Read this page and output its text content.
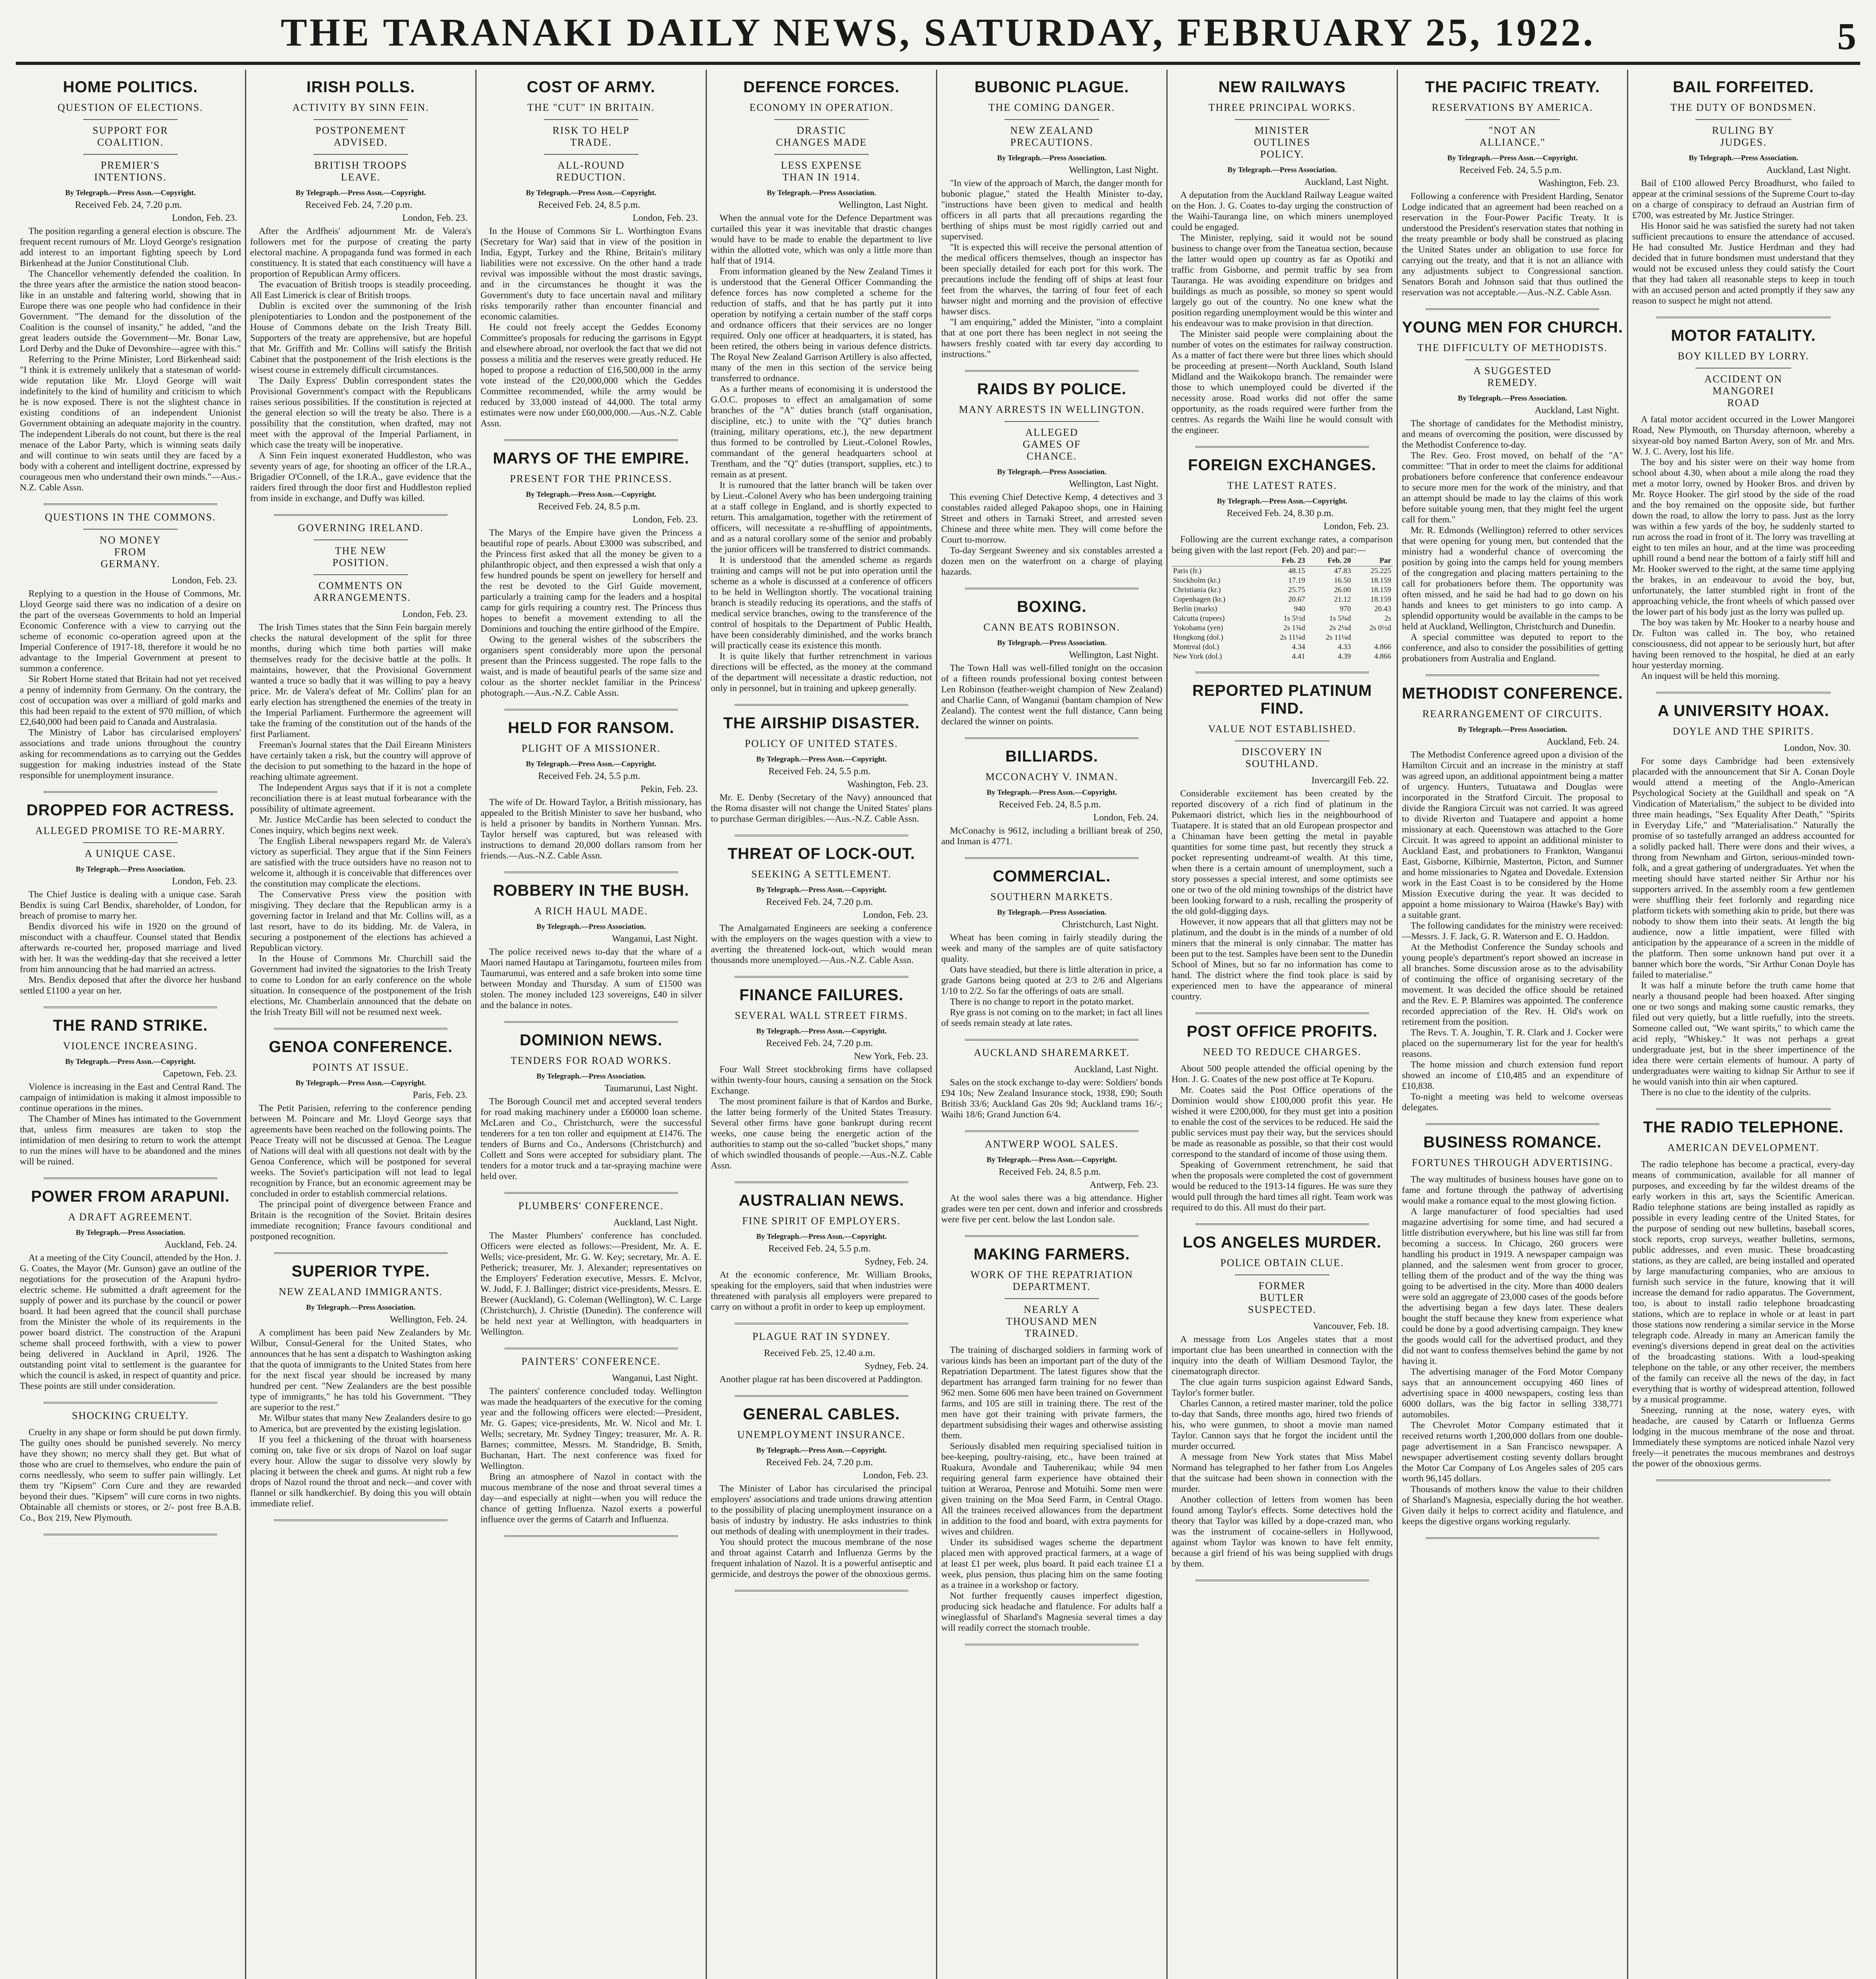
THE TARANAKI DAILY NEWS, SATURDAY, FEBRUARY 25, 1922.	5
HOME POLITICS.
QUESTION OF ELECTIONS.
SUPPORT FOR COALITION.
PREMIER'S INTENTIONS.
By Telegraph.—Press Assn.—Copyright.
Received Feb. 24, 7.20 p.m.
London, Feb. 23.

The position regarding a general election is obscure. The frequent recent rumours of Mr. Lloyd George's resignation add interest to an important fighting speech by Lord Birkenhead at the Junior Constitutional Club.

The Chancellor vehemently defended the coalition. In the three years after the armistice the nation stood beacon-like in an unstable and faltering world, showing that in Europe there was one people who had confidence in their Government. "The demand for the dissolution of the Coalition is the counsel of insanity," he added, "and the great leaders outside the Government—Mr. Bonar Law, Lord Derby and the Duke of Devonshire—agree with this."

Referring to the Prime Minister, Lord Birkenhead said: "I think it is extremely unlikely that a statesman of world-wide reputation like Mr. Lloyd George will wait indefinitely to the kind of humility and criticism to which he is now exposed. There is not the slightest chance in existing conditions of an independent Unionist Government obtaining an adequate majority in the country. The independent Liberals do not count, but there is the real menace of the Labor Party, which is winning seats daily and will continue to win seats until they are faced by a body with a coherent and intelligent doctrine, expressed by courageous men who understand their own minds."—Aus.-N.Z. Cable Assn.

QUESTIONS IN THE COMMONS.
NO MONEY FROM GERMANY.
London, Feb. 23.

Replying to a question in the House of Commons, Mr. Lloyd George said there was no indication of a desire on the part of the overseas Governments to hold an Imperial Economic Conference with a view to carrying out the scheme of economic co-operation agreed upon at the Imperial Conference of 1917-18, therefore it would be no advantage to the Imperial Government at present to summon a conference.

Sir Robert Horne stated that Britain had not yet received a penny of indemnity from Germany. On the contrary, the cost of occupation was over a milliard of gold marks and this had been repaid to the extent of 970 million, of which £2,640,000 had been paid to Canada and Australasia.

The Ministry of Labor has circularised employers' associations and trade unions throughout the country asking for recommendations as to carrying out the Geddes suggestion for making industries instead of the State responsible for unemployment insurance.

DROPPED FOR ACTRESS.
ALLEGED PROMISE TO RE-MARRY.
A UNIQUE CASE.
By Telegraph.—Press Association.
London, Feb. 23.

The Chief Justice is dealing with a unique case. Sarah Bendix is suing Carl Bendix, shareholder, of London, for breach of promise to marry her.

Bendix divorced his wife in 1920 on the ground of misconduct with a chauffeur. Counsel stated that Bendix afterwards re-courted her, proposed marriage and lived with her. It was the wedding-day that she received a letter from him announcing that he had married an actress.

Mrs. Bendix deposed that after the divorce her husband settled £1100 a year on her.

THE RAND STRIKE.
VIOLENCE INCREASING.
By Telegraph.—Press Assn.—Copyright.
Capetown, Feb. 23.

Violence is increasing in the East and Central Rand. The campaign of intimidation is making it almost impossible to continue operations in the mines.

The Chamber of Mines has intimated to the Government that, unless firm measures are taken to stop the intimidation of men desiring to return to work the attempt to run the mines will have to be abandoned and the mines will be ruined.

POWER FROM ARAPUNI.
A DRAFT AGREEMENT.
By Telegraph.—Press Association.
Auckland, Feb. 24.

At a meeting of the City Council, attended by the Hon. J. G. Coates, the Mayor (Mr. Gunson) gave an outline of the negotiations for the prosecution of the Arapuni hydro-electric scheme. He submitted a draft agreement for the supply of power and its purchase by the council or power board. It had been agreed that the council shall purchase from the Minister the whole of its requirements in the power board district. The construction of the Arapuni scheme shall proceed forthwith, with a view to power being delivered in Auckland in April, 1926. The outstanding point vital to settlement is the guarantee for which the council is asked, in respect of quantity and price. These points are still under consideration.

SHOCKING CRUELTY.

Cruelty in any shape or form should be put down firmly. The guilty ones should be punished severely. No mercy have they shown; no mercy shall they get. But what of those who are cruel to themselves, who endure the pain of corns needlessly, who seem to suffer pain willingly. Let them try "Kipsem" Corn Cure and they are rewarded beyond their dues. "Kipsem" will cure corns in two nights. Obtainable all chemists or stores, or 2/- post free B.A.B. Co., Box 219, New Plymouth.

IRISH POLLS.
ACTIVITY BY SINN FEIN.
POSTPONEMENT ADVISED.
BRITISH TROOPS LEAVE.
By Telegraph.—Press Assn.—Copyright.
Received Feb. 24, 7.20 p.m.
London, Feb. 23.

After the Ardfheis' adjournment Mr. de Valera's followers met for the purpose of creating the party electoral machine. A propaganda fund was formed in each constituency. It is stated that each constituency will have a proportion of Republican Army officers.

The evacuation of British troops is steadily proceeding. All East Limerick is clear of British troops.

Dublin is excited over the summoning of the Irish plenipotentiaries to London and the postponement of the House of Commons debate on the Irish Treaty Bill. Supporters of the treaty are apprehensive, but are hopeful that Mr. Griffith and Mr. Collins will satisfy the British Cabinet that the postponement of the Irish elections is the wisest course in extremely difficult circumstances.

The Daily Express' Dublin correspondent states the Provisional Government's compact with the Republicans raises serious possibilities. If the constitution is rejected at the general election so will the treaty be also. There is a possibility that the constitution, when drafted, may not meet with the approval of the Imperial Parliament, in which case the treaty will be inoperative.

A Sinn Fein inquest exonerated Huddleston, who was seventy years of age, for shooting an officer of the I.R.A., Brigadier O'Connell, of the I.R.A., gave evidence that the raiders fired through the door first and Huddleston replied from inside in exchange, and Duffy was killed.

GOVERNING IRELAND.
THE NEW POSITION.
COMMENTS ON ARRANGEMENTS.
London, Feb. 23.

The Irish Times states that the Sinn Fein bargain merely checks the natural development of the split for three months, during which time both parties will make themselves ready for the decisive battle at the polls. It maintains, however, that the Provisional Government wanted a truce so badly that it was willing to pay a heavy price. Mr. de Valera's defeat of Mr. Collins' plan for an early election has strengthened the enemies of the treaty in the Imperial Parliament. Furthermore the agreement will take the framing of the constitution out of the hands of the first Parliament.

Freeman's Journal states that the Dail Eireann Ministers have certainly taken a risk, but the country will approve of the decision to put something to the hazard in the hope of reaching ultimate agreement.

The Independent Argus says that if it is not a complete reconciliation there is at least mutual forbearance with the possibility of ultimate agreement.

Mr. Justice McCardie has been selected to conduct the Cones inquiry, which begins next week.

The English Liberal newspapers regard Mr. de Valera's victory as superficial. They argue that if the Sinn Feiners are satisfied with the truce outsiders have no reason not to welcome it, although it is conceivable that differences over the constitution may complicate the elections.

The Conservative Press view the position with misgiving. They declare that the Republican army is a governing factor in Ireland and that Mr. Collins will, as a last resort, have to do its bidding. Mr. de Valera, in securing a postponement of the elections has achieved a Republican victory.

In the House of Commons Mr. Churchill said the Government had invited the signatories to the Irish Treaty to come to London for an early conference on the whole situation. In consequence of the postponement of the Irish elections, Mr. Chamberlain announced that the debate on the Irish Treaty Bill will not be resumed next week.

GENOA CONFERENCE.
POINTS AT ISSUE.
By Telegraph.—Press Assn.—Copyright.
Paris, Feb. 23.

The Petit Parisien, referring to the conference pending between M. Poincare and Mr. Lloyd George says that agreements have been reached on the following points. The Peace Treaty will not be discussed at Genoa. The League of Nations will deal with all questions not dealt with by the Genoa Conference, which will be postponed for several weeks. The Soviet's participation will not lead to legal recognition by France, but an economic agreement may be concluded in order to establish commercial relations.

The principal point of divergence between France and Britain is the recognition of the Soviet. Britain desires immediate recognition; France favours conditional and postponed recognition.

SUPERIOR TYPE.
NEW ZEALAND IMMIGRANTS.
By Telegraph.—Press Association.
Wellington, Feb. 24.

A compliment has been paid New Zealanders by Mr. Wilbur, Consul-General for the United States, who announces that he has sent a dispatch to Washington asking that the quota of immigrants to the United States from here for the next fiscal year should be increased by many hundred per cent. "New Zealanders are the best possible type of immigrants," he has told his Government. "They are superior to the rest."

Mr. Wilbur states that many New Zealanders desire to go to America, but are prevented by the existing legislation.

If you feel a thickening of the throat with hoarseness coming on, take five or six drops of Nazol on loaf sugar every hour. Allow the sugar to dissolve very slowly by placing it between the cheek and gums. At night rub a few drops of Nazol round the throat and neck—and cover with flannel or silk handkerchief. By doing this you will obtain immediate relief.

COST OF ARMY.
THE "CUT" IN BRITAIN.
RISK TO HELP TRADE.
ALL-ROUND REDUCTION.
By Telegraph.—Press Assn.—Copyright.
Received Feb. 24, 8.5 p.m.
London, Feb. 23.

In the House of Commons Sir L. Worthington Evans (Secretary for War) said that in view of the position in India, Egypt, Turkey and the Rhine, Britain's military liabilities were not excessive. On the other hand a trade revival was impossible without the most drastic savings, and in the circumstances he thought it was the Government's duty to face uncertain naval and military risks temporarily rather than encounter financial and economic calamities.

He could not freely accept the Geddes Economy Committee's proposals for reducing the garrisons in Egypt and elsewhere abroad, nor overlook the fact that we did not possess a militia and the reserves were greatly reduced. He hoped to propose a reduction of £16,500,000 in the army vote instead of the £20,000,000 which the Geddes Committee recommended, while the army would be reduced by 33,000 instead of 44,000. The total army estimates were now under £60,000,000.—Aus.-N.Z. Cable Assn.

MARYS OF THE EMPIRE.
PRESENT FOR THE PRINCESS.
By Telegraph.—Press Assn.—Copyright.
Received Feb. 24, 8.5 p.m.
London, Feb. 23.

The Marys of the Empire have given the Princess a beautiful rope of pearls. About £3000 was subscribed, and the Princess first asked that all the money be given to a philanthropic object, and then expressed a wish that only a few hundred pounds be spent on jewellery for herself and the rest be devoted to the Girl Guide movement, particularly a training camp for the leaders and a hospital camp for girls requiring a country rest. The Princess thus hopes to benefit a movement extending to all the Dominions and touching the entire girlhood of the Empire.

Owing to the general wishes of the subscribers the organisers spent considerably more upon the personal present than the Princess suggested. The rope falls to the waist, and is made of beautiful pearls of the same size and colour as the shorter necklet familiar in the Princess' photograph.—Aus.-N.Z. Cable Assn.

HELD FOR RANSOM.
PLIGHT OF A MISSIONER.
By Telegraph.—Press Assn.—Copyright.
Received Feb. 24, 5.5 p.m.
Pekin, Feb. 23.

The wife of Dr. Howard Taylor, a British missionary, has appealed to the British Minister to save her husband, who is held a prisoner by bandits in Northern Yunnan. Mrs. Taylor herself was captured, but was released with instructions to demand 20,000 dollars ransom from her friends.—Aus.-N.Z. Cable Assn.

ROBBERY IN THE BUSH.
A RICH HAUL MADE.
By Telegraph.—Press Association.
Wanganui, Last Night.

The police received news to-day that the whare of a Maori named Hautapu at Taringamotu, fourteen miles from Taumarunui, was entered and a safe broken into some time between Monday and Thursday. A sum of £1500 was stolen. The money included 123 sovereigns, £40 in silver and the balance in notes.

DOMINION NEWS.
TENDERS FOR ROAD WORKS.
By Telegraph.—Press Association.
Taumarunui, Last Night.

The Borough Council met and accepted several tenders for road making machinery under a £60000 loan scheme. McLaren and Co., Christchurch, were the successful tenderers for a ten ton roller and equipment at £1476. The tenders of Burns and Co., Andersons (Christchurch) and Collett and Sons were accepted for subsidiary plant. The tenders for a motor truck and a tar-spraying machine were held over.

PLUMBERS' CONFERENCE.
Auckland, Last Night.

The Master Plumbers' conference has concluded. Officers were elected as follows:—President, Mr. A. E. Wells; vice-president, Mr. G. W. Key; secretary, Mr. A. E. Petherick; treasurer, Mr. J. Alexander; representatives on the Employers' Federation executive, Messrs. E. McIvor, W. Judd, F. J. Ballinger; district vice-presidents, Messrs. E. Brewer (Auckland), G. Coleman (Wellington), W. C. Large (Christchurch), J. Christie (Dunedin). The conference will be held next year at Wellington, with headquarters in Wellington.

PAINTERS' CONFERENCE.
Wanganui, Last Night.

The painters' conference concluded today. Wellington was made the headquarters of the executive for the coming year and the following officers were elected:—President, Mr. G. Gapes; vice-presidents, Mr. W. Nicol and Mr. I. Wells; secretary, Mr. Sydney Tingey; treasurer, Mr. A. R. Barnes; committee, Messrs. M. Standridge, B. Smith, Buchanan, Hart. The next conference was fixed for Wellington.

Bring an atmosphere of Nazol in contact with the mucous membrane of the nose and throat several times a day—and especially at night—when you will reduce the chance of getting Influenza. Nazol exerts a powerful influence over the germs of Catarrh and Influenza.

DEFENCE FORCES.
ECONOMY IN OPERATION.
DRASTIC CHANGES MADE
LESS EXPENSE THAN IN 1914.
By Telegraph.—Press Association.
Wellington, Last Night.

When the annual vote for the Defence Department was curtailed this year it was inevitable that drastic changes would have to be made to enable the department to live within the allotted vote, which was only a little more than half that of 1914.

From information gleaned by the New Zealand Times it is understood that the General Officer Commanding the defence forces has now completed a scheme for the reduction of staffs, and that he has partly put it into operation by notifying a certain number of the staff corps and ordnance officers that their services are no longer required. Only one officer at headquarters, it is stated, has been retired, the others being in various defence districts. The Royal New Zealand Garrison Artillery is also affected, many of the men in this section of the service being transferred to ordnance.

As a further means of economising it is understood the G.O.C. proposes to effect an amalgamation of some branches of the "A" duties branch (staff organisation, discipline, etc.) to unite with the "Q" duties branch (training, military operations, etc.), the new department thus formed to be controlled by Lieut.-Colonel Rowles, commandant of the general headquarters school at Trentham, and the "Q" duties (transport, supplies, etc.) to remain as at present.

It is rumoured that the latter branch will be taken over by Lieut.-Colonel Avery who has been undergoing training at a staff college in England, and is shortly expected to return. This amalgamation, together with the retirement of officers, will necessitate a re-shuffling of appointments, and as a natural corollary some of the senior and probably the junior officers will be transferred to district commands.

It is understood that the amended scheme as regards training and camps will not be put into operation until the scheme as a whole is discussed at a conference of officers to be held in Wellington shortly. The vocational training branch is steadily reducing its operations, and the staffs of medical service branches, owing to the transference of the control of hospitals to the Department of Public Health, have been considerably diminished, and the works branch will practically cease its existence this month.

It is quite likely that further retrenchment in various directions will be effected, as the money at the command of the department will necessitate a drastic reduction, not only in personnel, but in training and upkeep generally.

THE AIRSHIP DISASTER.
POLICY OF UNITED STATES.
By Telegraph.—Press Assn.—Copyright.
Received Feb. 24, 5.5 p.m.
Washington, Feb. 23.

Mr. E. Denby (Secretary of the Navy) announced that the Roma disaster will not change the United States' plans to purchase German dirigibles.—Aus.-N.Z. Cable Assn.

THREAT OF LOCK-OUT.
SEEKING A SETTLEMENT.
By Telegraph.—Press Assn.—Copyright.
Received Feb. 24, 7.20 p.m.
London, Feb. 23.

The Amalgamated Engineers are seeking a conference with the employers on the wages question with a view to averting the threatened lock-out, which would mean thousands more unemployed.—Aus.-N.Z. Cable Assn.

FINANCE FAILURES.
SEVERAL WALL STREET FIRMS.
By Telegraph.—Press Assn.—Copyright.
Received Feb. 24, 7.20 p.m.
New York, Feb. 23.

Four Wall Street stockbroking firms have collapsed within twenty-four hours, causing a sensation on the Stock Exchange.

The most prominent failure is that of Kardos and Burke, the latter being formerly of the United States Treasury. Several other firms have gone bankrupt during recent weeks, one cause being the energetic action of the authorities to stamp out the so-called "bucket shops," many of which swindled thousands of people.—Aus.-N.Z. Cable Assn.

AUSTRALIAN NEWS.
FINE SPIRIT OF EMPLOYERS.
By Telegraph.—Press Assn.—Copyright.
Received Feb. 24, 5.5 p.m.
Sydney, Feb. 24.

At the economic conference, Mr. William Brooks, speaking for the employers, said that when industries were threatened with paralysis all employers were prepared to carry on without a profit in order to keep up employment.

PLAGUE RAT IN SYDNEY.
Received Feb. 25, 12.40 a.m.
Sydney, Feb. 24.

Another plague rat has been discovered at Paddington.

GENERAL CABLES.
UNEMPLOYMENT INSURANCE.
By Telegraph.—Press Assn.—Copyright.
Received Feb. 24, 7.20 p.m.
London, Feb. 23.

The Minister of Labor has circularised the principal employers' associations and trade unions drawing attention to the possibility of placing unemployment insurance on a basis of industry by industry. He asks industries to think out methods of dealing with unemployment in their trades.

You should protect the mucous membrane of the nose and throat against Catarrh and Influenza Germs by the frequent inhalation of Nazol. It is a powerful antiseptic and germicide, and destroys the power of the obnoxious germs.

BUBONIC PLAGUE.
THE COMING DANGER.
NEW ZEALAND PRECAUTIONS.
By Telegraph.—Press Association.
Wellington, Last Night.

"In view of the approach of March, the danger month for bubonic plague," stated the Health Minister to-day, "instructions have been given to medical and health officers in all parts that all precautions regarding the berthing of ships must be most rigidly carried out and supervised.

"It is expected this will receive the personal attention of the medical officers themselves, though an inspector has been specially detailed for each port for this work. The precautions include the fending off of ships at least four feet from the wharves, the tarring of four feet of each hawser night and morning and the provision of effective hawser discs.

"I am enquiring," added the Minister, "into a complaint that at one port there has been neglect in not seeing the hawsers freshly coated with tar every day according to instructions."

RAIDS BY POLICE.
MANY ARRESTS IN WELLINGTON.
ALLEGED GAMES OF CHANCE.
By Telegraph.—Press Association.
Wellington, Last Night.

This evening Chief Detective Kemp, 4 detectives and 3 constables raided alleged Pakapoo shops, one in Haining Street and others in Tarnaki Street, and arrested seven Chinese and three white men. They will come before the Court to-morrow.

To-day Sergeant Sweeney and six constables arrested a dozen men on the waterfront on a charge of playing hazards.

BOXING.
CANN BEATS ROBINSON.
By Telegraph.—Press Association.
Wellington, Last Night.

The Town Hall was well-filled tonight on the occasion of a fifteen rounds professional boxing contest between Len Robinson (feather-weight champion of New Zealand) and Charlie Cann, of Wanganui (bantam champion of New Zealand). The contest went the full distance, Cann being declared the winner on points.

BILLIARDS.
MCCONACHY V. INMAN.
By Telegraph.—Press Assn.—Copyright.
Received Feb. 24, 8.5 p.m.
London, Feb. 24.

McConachy is 9612, including a brilliant break of 250, and Inman is 4771.

COMMERCIAL.
SOUTHERN MARKETS.
By Telegraph.—Press Association.
Christchurch, Last Night.

Wheat has been coming in fairly steadily during the week and many of the samples are of quite satisfactory quality.

Oats have steadied, but there is little alteration in price, a grade Gartons being quoted at 2/3 to 2/6 and Algerians 1/10 to 2/2. So far the offerings of oats are small.

There is no change to report in the potato market.

Rye grass is not coming on to the market; in fact all lines of seeds remain steady at late rates.

AUCKLAND SHAREMARKET.
Auckland, Last Night.

Sales on the stock exchange to-day were: Soldiers' bonds £94 10s; New Zealand Insurance stock, 1938, £90; South British 33/6; Auckland Gas 20s 9d; Auckland trams 16/-; Waihi 18/6; Grand Junction 6/4.

ANTWERP WOOL SALES.
By Telegraph.—Press Assn.—Copyright.
Received Feb. 24, 8.5 p.m.
Antwerp, Feb. 23.

At the wool sales there was a big attendance. Higher grades were ten per cent. down and inferior and crossbreds were five per cent. below the last London sale.

MAKING FARMERS.
WORK OF THE REPATRIATION DEPARTMENT.
NEARLY A THOUSAND MEN TRAINED.

The training of discharged soldiers in farming work of various kinds has been an important part of the duty of the Repatriation Department. The latest figures show that the department has arranged farm training for no fewer than 962 men. Some 606 men have been trained on Government farms, and 105 are still in training there. The rest of the men have got their training with private farmers, the department subsidising their wages and otherwise assisting them.

Seriously disabled men requiring specialised tuition in bee-keeping, poultry-raising, etc., have been trained at Ruakura, Avondale and Tauherenikau; while 94 men requiring general farm experience have obtained their tuition at Weraroa, Penrose and Motuihi. Some men were given training on the Moa Seed Farm, in Central Otago. All the trainees received allowances from the department in addition to the food and board, with extra payments for wives and children.

Under its subsidised wages scheme the department placed men with approved practical farmers, at a wage of at least £1 per week, plus board. It paid each trainee £1 a week, plus pension, thus placing him on the same footing as a trainee in a workshop or factory.

Not further frequently causes imperfect digestion, producing sick headache and flatulence. For adults half a wineglassful of Sharland's Magnesia several times a day will readily correct the stomach trouble.

NEW RAILWAYS
THREE PRINCIPAL WORKS.
MINISTER OUTLINES POLICY.
By Telegraph.—Press Association.
Auckland, Last Night.

A deputation from the Auckland Railway League waited on the Hon. J. G. Coates to-day urging the construction of the Waihi-Tauranga line, on which miners unemployed could be engaged.

The Minister, replying, said it would not be sound business to change over from the Taneatua section, because the latter would open up country as far as Opotiki and traffic from Gisborne, and permit traffic by sea from Tauranga. He was avoiding expenditure on bridges and buildings as much as possible, so money so spent would largely go out of the country. No one knew what the position regarding unemployment would be this winter and his endeavour was to make provision in that direction.

The Minister said people were complaining about the number of votes on the estimates for railway construction. As a matter of fact there were but three lines which should be proceeding at present—North Auckland, South Island Midland and the Waikokopu branch. The remainder were those to which unemployed could be diverted if the necessity arose. Road works did not offer the same opportunity, as the roads required were further from the centres. As regards the Waihi line he would consult with the engineer.

FOREIGN EXCHANGES.
THE LATEST RATES.
By Telegraph.—Press Assn.—Copyright.
Received Feb. 24, 8.30 p.m.
London, Feb. 23.

Following are the current exchange rates, a comparison being given with the last report (Feb. 20) and par:—

	Feb. 23	Feb. 20	Par
Paris (fr.)	48.15	47.83	25.225
Stockholm (kr.)	17.19	16.50	18.159
Christiania (kr.)	25.75	26.00	18.159
Copenhagen (kr.)	20.67	21.12	18.159
Berlin (marks)	940	970	20.43
Calcutta (rupees)	1s 5½d	1s 5¾d	2s
Yokohama (yen)	2s 1¾d	2s 2¼d	2s 0½d
Hongkong (dol.)	2s 11¼d	2s 11¼d	
Montreal (dol.)	4.34	4.33	4.866
New York (dol.)	4.41	4.39	4.866
REPORTED PLATINUM FIND.
VALUE NOT ESTABLISHED.
DISCOVERY IN SOUTHLAND.
Invercargill Feb. 22.

Considerable excitement has been created by the reported discovery of a rich find of platinum in the Pukemaori district, which lies in the neighbourhood of Tuatapere. It is stated that an old European prospector and a Chinaman have been getting the metal in payable quantities for some time past, but recently they struck a pocket representing undreamt-of wealth. At this time, when there is a certain amount of unemployment, such a story possesses a special interest, and some optimists see one or two of the old mining townships of the district have been looking forward to a rush, recalling the prosperity of the old gold-digging days.

However, it now appears that all that glitters may not be platinum, and the doubt is in the minds of a number of old miners that the mineral is only cinnabar. The matter has been put to the test. Samples have been sent to the Dunedin School of Mines, but so far no information has come to hand. The district where the find took place is said by experienced men to have the appearance of mineral country.

POST OFFICE PROFITS.
NEED TO REDUCE CHARGES.

About 500 people attended the official opening by the Hon. J. G. Coates of the new post office at Te Kopuru.

Mr. Coates said the Post Office operations of the Dominion would show £100,000 profit this year. He wished it were £200,000, for they must get into a position to enable the cost of the services to be reduced. He said the public services must pay their way, but the services should be made as reasonable as possible, so that their cost would correspond to the standard of income of those using them.

Speaking of Government retrenchment, he said that when the proposals were completed the cost of government would be reduced to the 1913-14 figures. He was sure they would pull through the hard times all right. Team work was required to do this. All must do their part.

LOS ANGELES MURDER.
POLICE OBTAIN CLUE.
FORMER BUTLER SUSPECTED.
Vancouver, Feb. 18.

A message from Los Angeles states that a most important clue has been unearthed in connection with the inquiry into the death of William Desmond Taylor, the cinematograph director.

The clue again turns suspicion against Edward Sands, Taylor's former butler.

Charles Cannon, a retired master mariner, told the police to-day that Sands, three months ago, hired two friends of his, who were gunmen, to shoot a movie man named Taylor. Cannon says that he forgot the incident until the murder occurred.

A message from New York states that Miss Mabel Normand has telegraphed to her father from Los Angeles that the suitcase had been shown in connection with the murder.

Another collection of letters from women has been found among Taylor's effects. Some detectives hold the theory that Taylor was killed by a dope-crazed man, who was the instrument of cocaine-sellers in Hollywood, against whom Taylor was known to have felt enmity, because a girl friend of his was being supplied with drugs by them.

THE PACIFIC TREATY.
RESERVATIONS BY AMERICA.
"NOT AN ALLIANCE."
By Telegraph.—Press Assn.—Copyright.
Received Feb. 24, 5.5 p.m.
Washington, Feb. 23.

Following a conference with President Harding, Senator Lodge indicated that an agreement had been reached on a reservation in the Four-Power Pacific Treaty. It is understood the President's reservation states that nothing in the treaty preamble or body shall be construed as placing the United States under an obligation to use force for carrying out the treaty, and that it is not an alliance with any adjustments subject to Congressional sanction. Senators Borah and Johnson said that thus outlined the reservation was not acceptable.—Aus.-N.Z. Cable Assn.

YOUNG MEN FOR CHURCH.
THE DIFFICULTY OF METHODISTS.
A SUGGESTED REMEDY.
By Telegraph.—Press Association.
Auckland, Last Night.

The shortage of candidates for the Methodist ministry, and means of overcoming the position, were discussed by the Methodist Conference to-day.

The Rev. Geo. Frost moved, on behalf of the "A" committee: "That in order to meet the claims for additional probationers before conference that conference endeavour to secure more men for the work of the ministry, and that an attempt should be made to lay the claims of this work before suitable young men, that they might feel the urgent call for them."

Mr. R. Edmonds (Wellington) referred to other services that were opening for young men, but contended that the ministry had a wonderful chance of overcoming the position by going into the camps held for young members of the congregation and placing matters pertaining to the call for probationers before them. The opportunity was often missed, and he said he had had to go down on his hands and knees to get ministers to go into camp. A splendid opportunity would be available in the camps to be held at Auckland, Wellington, Christchurch and Dunedin.

A special committee was deputed to report to the conference, and also to consider the possibilities of getting probationers from Australia and England.

METHODIST CONFERENCE.
REARRANGEMENT OF CIRCUITS.
By Telegraph.—Press Association.
Auckland, Feb. 24.

The Methodist Conference agreed upon a division of the Hamilton Circuit and an increase in the ministry at staff was agreed upon, an additional appointment being a matter of urgency. Hunters, Tutuatawa and Douglas were incorporated in the Stratford Circuit. The proposal to divide the Rangiora Circuit was not carried. It was agreed to divide Riverton and Tuatapere and appoint a home missionary at each. Queenstown was attached to the Gore Circuit. It was agreed to appoint an additional minister to Auckland East, and probationers to Frankton, Wanganui East, Gisborne, Kilbirnie, Masterton, Picton, and Sumner and home missionaries to Ngatea and Dovedale. Extension work in the East Coast is to be considered by the Home Mission Executive during the year. It was decided to appoint a home missionary to Wairoa (Hawke's Bay) with a suitable grant.

The following candidates for the ministry were received:—Messrs. J. F. Jack, G. R. Waterson and E. O. Haddon.

At the Methodist Conference the Sunday schools and young people's department's report showed an increase in all branches. Some discussion arose as to the advisability of continuing the office of organising secretary of the movement. It was decided the office should be retained and the Rev. E. P. Blamires was appointed. The conference recorded appreciation of the Rev. H. Old's work on retirement from the position.

The Revs. T. A. Joughin, T. R. Clark and J. Cocker were placed on the supernumerary list for the year for health's reasons.

The home mission and church extension fund report showed an income of £10,485 and an expenditure of £10,838.

To-night a meeting was held to welcome overseas delegates.

BUSINESS ROMANCE.
FORTUNES THROUGH ADVERTISING.

The way multitudes of business houses have gone on to fame and fortune through the pathway of advertising would make a romance equal to the most glowing fiction.

A large manufacturer of food specialties had used magazine advertising for some time, and had secured a little distribution everywhere, but his line was still far from becoming a success. In Chicago, 260 grocers were handling his product in 1919. A newspaper campaign was planned, and the salesmen went from grocer to grocer, telling them of the product and of the way the thing was going to be advertised in the city. More than 4000 dealers were sold an aggregate of 23,000 cases of the goods before the advertising began a few days later. These dealers bought the stuff because they knew from experience what could be done by a good advertising campaign. They knew the goods would call for the advertised product, and they did not want to confess themselves behind the game by not having it.

The advertising manager of the Ford Motor Company says that an announcement occupying 460 lines of advertising space in 4000 newspapers, costing less than 6000 dollars, was the big factor in selling 338,771 automobiles.

The Chevrolet Motor Company estimated that it received returns worth 1,200,000 dollars from one double-page advertisement in a San Francisco newspaper. A newspaper advertisement costing seventy dollars brought the Motor Car Company of Los Angeles sales of 205 cars worth 96,145 dollars.

Thousands of mothers know the value to their children of Sharland's Magnesia, especially during the hot weather. Given daily it helps to correct acidity and flatulence, and keeps the digestive organs working regularly.

BAIL FORFEITED.
THE DUTY OF BONDSMEN.
RULING BY JUDGES.
By Telegraph.—Press Association.
Auckland, Last Night.

Bail of £100 allowed Percy Broadhurst, who failed to appear at the criminal sessions of the Supreme Court to-day on a charge of conspiracy to defraud an Austrian firm of £700, was estreated by Mr. Justice Stringer.

His Honor said he was satisfied the surety had not taken sufficient precautions to ensure the attendance of accused. He had consulted Mr. Justice Herdman and they had decided that in future bondsmen must understand that they would not be excused unless they could satisfy the Court that they had taken all reasonable steps to keep in touch with an accused person and acted promptly if they saw any reason to suspect he might not attend.

MOTOR FATALITY.
BOY KILLED BY LORRY.
ACCIDENT ON MANGOREI ROAD

A fatal motor accident occurred in the Lower Mangorei Road, New Plymouth, on Thursday afternoon, whereby a sixyear-old boy named Barton Avery, son of Mr. and Mrs. W. J. C. Avery, lost his life.

The boy and his sister were on their way home from school about 4.30, when about a mile along the road they met a motor lorry, owned by Hooker Bros. and driven by Mr. Royce Hooker. The girl stood by the side of the road and the boy remained on the opposite side, but further down the road, to allow the lorry to pass. Just as the lorry was within a few yards of the boy, he suddenly started to run across the road in front of it. The lorry was travelling at eight to ten miles an hour, and at the time was proceeding uphill round a bend near the bottom of a fairly stiff hill and Mr. Hooker swerved to the right, at the same time applying the brakes, in an endeavour to avoid the boy, but, unfortunately, the latter stumbled right in front of the approaching vehicle, the front wheels of which passed over the lower part of his body just as the lorry was pulled up.

The boy was taken by Mr. Hooker to a nearby house and Dr. Fulton was called in. The boy, who retained consciousness, did not appear to be seriously hurt, but after having been removed to the hospital, he died at an early hour yesterday morning.

An inquest will be held this morning.

A UNIVERSITY HOAX.
DOYLE AND THE SPIRITS.
London, Nov. 30.

For some days Cambridge had been extensively placarded with the announcement that Sir A. Conan Doyle would attend a meeting of the Anglo-American Psychological Society at the Guildhall and speak on "A Vindication of Materialism," the subject to be divided into three main headings, "Sex Equality After Death," "Spirits in Everyday Life," and "Materialisation." Naturally the promise of so tastefully arranged an address accounted for a solidly packed hall. There were dons and their wives, a throng from Newnham and Girton, serious-minded town-folk, and a great gathering of undergraduates. Yet when the meeting should have started neither Sir Arthur nor his supporters arrived. In the assembly room a few gentlemen were shuffling their feet forlornly and regarding nice platform tickets with something akin to pride, but there was nobody to show them into their seats. At length the big audience, now a little impatient, were filled with anticipation by the appearance of a screen in the middle of the platform. Then some unknown hand put over it a banner which bore the words, "Sir Arthur Conan Doyle has failed to materialise."

It was half a minute before the truth came home that nearly a thousand people had been hoaxed. After singing one or two songs and making some caustic remarks, they filed out very quietly, but a little ruefully, into the streets. Someone called out, "We want spirits," to which came the acid reply, "Whiskey." It was not perhaps a great undergraduate jest, but in the sheer impertinence of the idea there were certain elements of humour. A party of undergraduates were waiting to kidnap Sir Arthur to see if he would vanish into thin air when captured.

There is no clue to the identity of the culprits.

THE RADIO TELEPHONE.
AMERICAN DEVELOPMENT.

The radio telephone has become a practical, every-day means of communication, available for all manner of purposes, and exceeding by far the wildest dreams of the early workers in this art, says the Scientific American. Radio telephone stations are being installed as rapidly as possible in every leading centre of the United States, for the purpose of sending out new bulletins, baseball scores, stock reports, crop surveys, weather bulletins, sermons, public addresses, and even music. These broadcasting stations, as they are called, are being installed and operated by large manufacturing companies, who are anxious to furnish such service in the future, knowing that it will increase the demand for radio apparatus. The Government, too, is about to install radio telephone broadcasting stations, which are to replace in whole or at least in part those stations now rendering a similar service in the Morse telegraph code. Already in many an American family the evening's diversions depend in great deal on the activities of the broadcasting stations. With a loud-speaking telephone on the table, or any other receiver, the members of the family can receive all the news of the day, in fact everything that is worthy of widespread attention, followed by a musical programme.

Sneezing, running at the nose, watery eyes, with headache, are caused by Catarrh or Influenza Germs lodging in the mucous membrane of the nose and throat. Immediately these symptoms are noticed inhale Nazol very freely—it penetrates the mucous membranes and destroys the power of the obnoxious germs.
